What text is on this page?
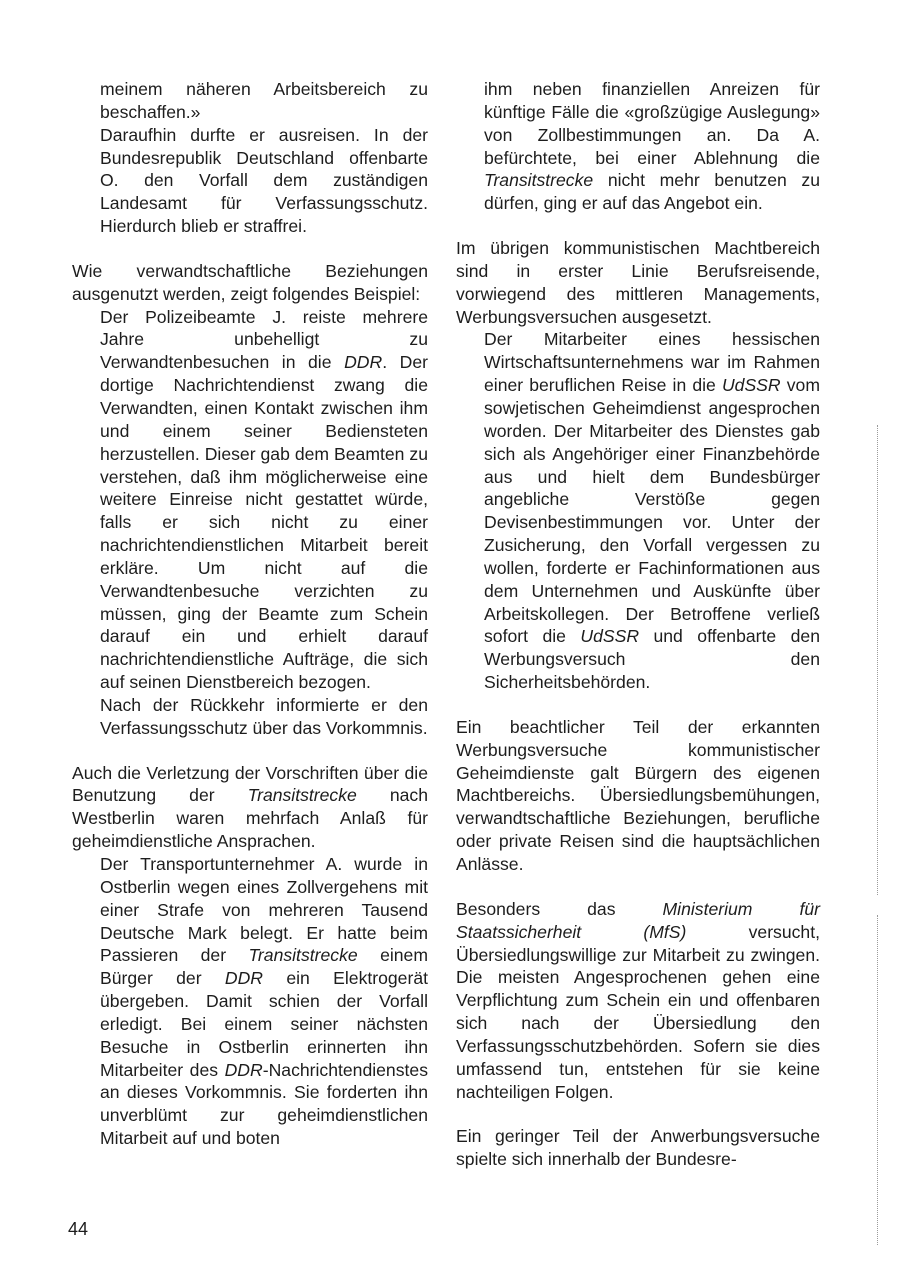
meinem näheren Arbeitsbereich zu beschaffen.»

Daraufhin durfte er ausreisen. In der Bundesrepublik Deutschland offenbarte O. den Vorfall dem zuständigen Landesamt für Verfassungsschutz. Hierdurch blieb er straffrei.

Wie verwandtschaftliche Beziehungen ausgenutzt werden, zeigt folgendes Beispiel:

Der Polizeibeamte J. reiste mehrere Jahre unbehelligt zu Verwandtenbesuchen in die DDR. Der dortige Nachrichtendienst zwang die Verwandten, einen Kontakt zwischen ihm und einem seiner Bediensteten herzustellen. Dieser gab dem Beamten zu verstehen, daß ihm möglicherweise eine weitere Einreise nicht gestattet würde, falls er sich nicht zu einer nachrichtendienstlichen Mitarbeit bereit erkläre. Um nicht auf die Verwandtenbesuche verzichten zu müssen, ging der Beamte zum Schein darauf ein und erhielt darauf nachrichtendienstliche Aufträge, die sich auf seinen Dienstbereich bezogen.

Nach der Rückkehr informierte er den Verfassungsschutz über das Vorkommnis.

Auch die Verletzung der Vorschriften über die Benutzung der Transitstrecke nach Westberlin waren mehrfach Anlaß für geheimdienstliche Ansprachen.

Der Transportunternehmer A. wurde in Ostberlin wegen eines Zollvergehens mit einer Strafe von mehreren Tausend Deutsche Mark belegt. Er hatte beim Passieren der Transitstrecke einem Bürger der DDR ein Elektrogerät übergeben. Damit schien der Vorfall erledigt. Bei einem seiner nächsten Besuche in Ostberlin erinnerten ihn Mitarbeiter des DDR-Nachrichtendienstes an dieses Vorkommnis. Sie forderten ihn unverblümt zur geheimdienstlichen Mitarbeit auf und boten

ihm neben finanziellen Anreizen für künftige Fälle die «großzügige Auslegung» von Zollbestimmungen an. Da A. befürchtete, bei einer Ablehnung die Transitstrecke nicht mehr benutzen zu dürfen, ging er auf das Angebot ein.

Im übrigen kommunistischen Machtbereich sind in erster Linie Berufsreisende, vorwiegend des mittleren Managements, Werbungsversuchen ausgesetzt.

Der Mitarbeiter eines hessischen Wirtschaftsunternehmens war im Rahmen einer beruflichen Reise in die UdSSR vom sowjetischen Geheimdienst angesprochen worden. Der Mitarbeiter des Dienstes gab sich als Angehöriger einer Finanzbehörde aus und hielt dem Bundesbürger angebliche Verstöße gegen Devisenbestimmungen vor. Unter der Zusicherung, den Vorfall vergessen zu wollen, forderte er Fachinformationen aus dem Unternehmen und Auskünfte über Arbeitskollegen. Der Betroffene verließ sofort die UdSSR und offenbarte den Werbungsversuch den Sicherheitsbehörden.

Ein beachtlicher Teil der erkannten Werbungsversuche kommunistischer Geheimdienste galt Bürgern des eigenen Machtbereichs. Übersiedlungsbemühungen, verwandtschaftliche Beziehungen, berufliche oder private Reisen sind die hauptsächlichen Anlässe.

Besonders das Ministerium für Staatssicherheit (MfS) versucht, Übersiedlungswillige zur Mitarbeit zu zwingen. Die meisten Angesprochenen gehen eine Verpflichtung zum Schein ein und offenbaren sich nach der Übersiedlung den Verfassungsschutzbehörden. Sofern sie dies umfassend tun, entstehen für sie keine nachteiligen Folgen.

Ein geringer Teil der Anwerbungsversuche spielte sich innerhalb der Bundesre-

44
